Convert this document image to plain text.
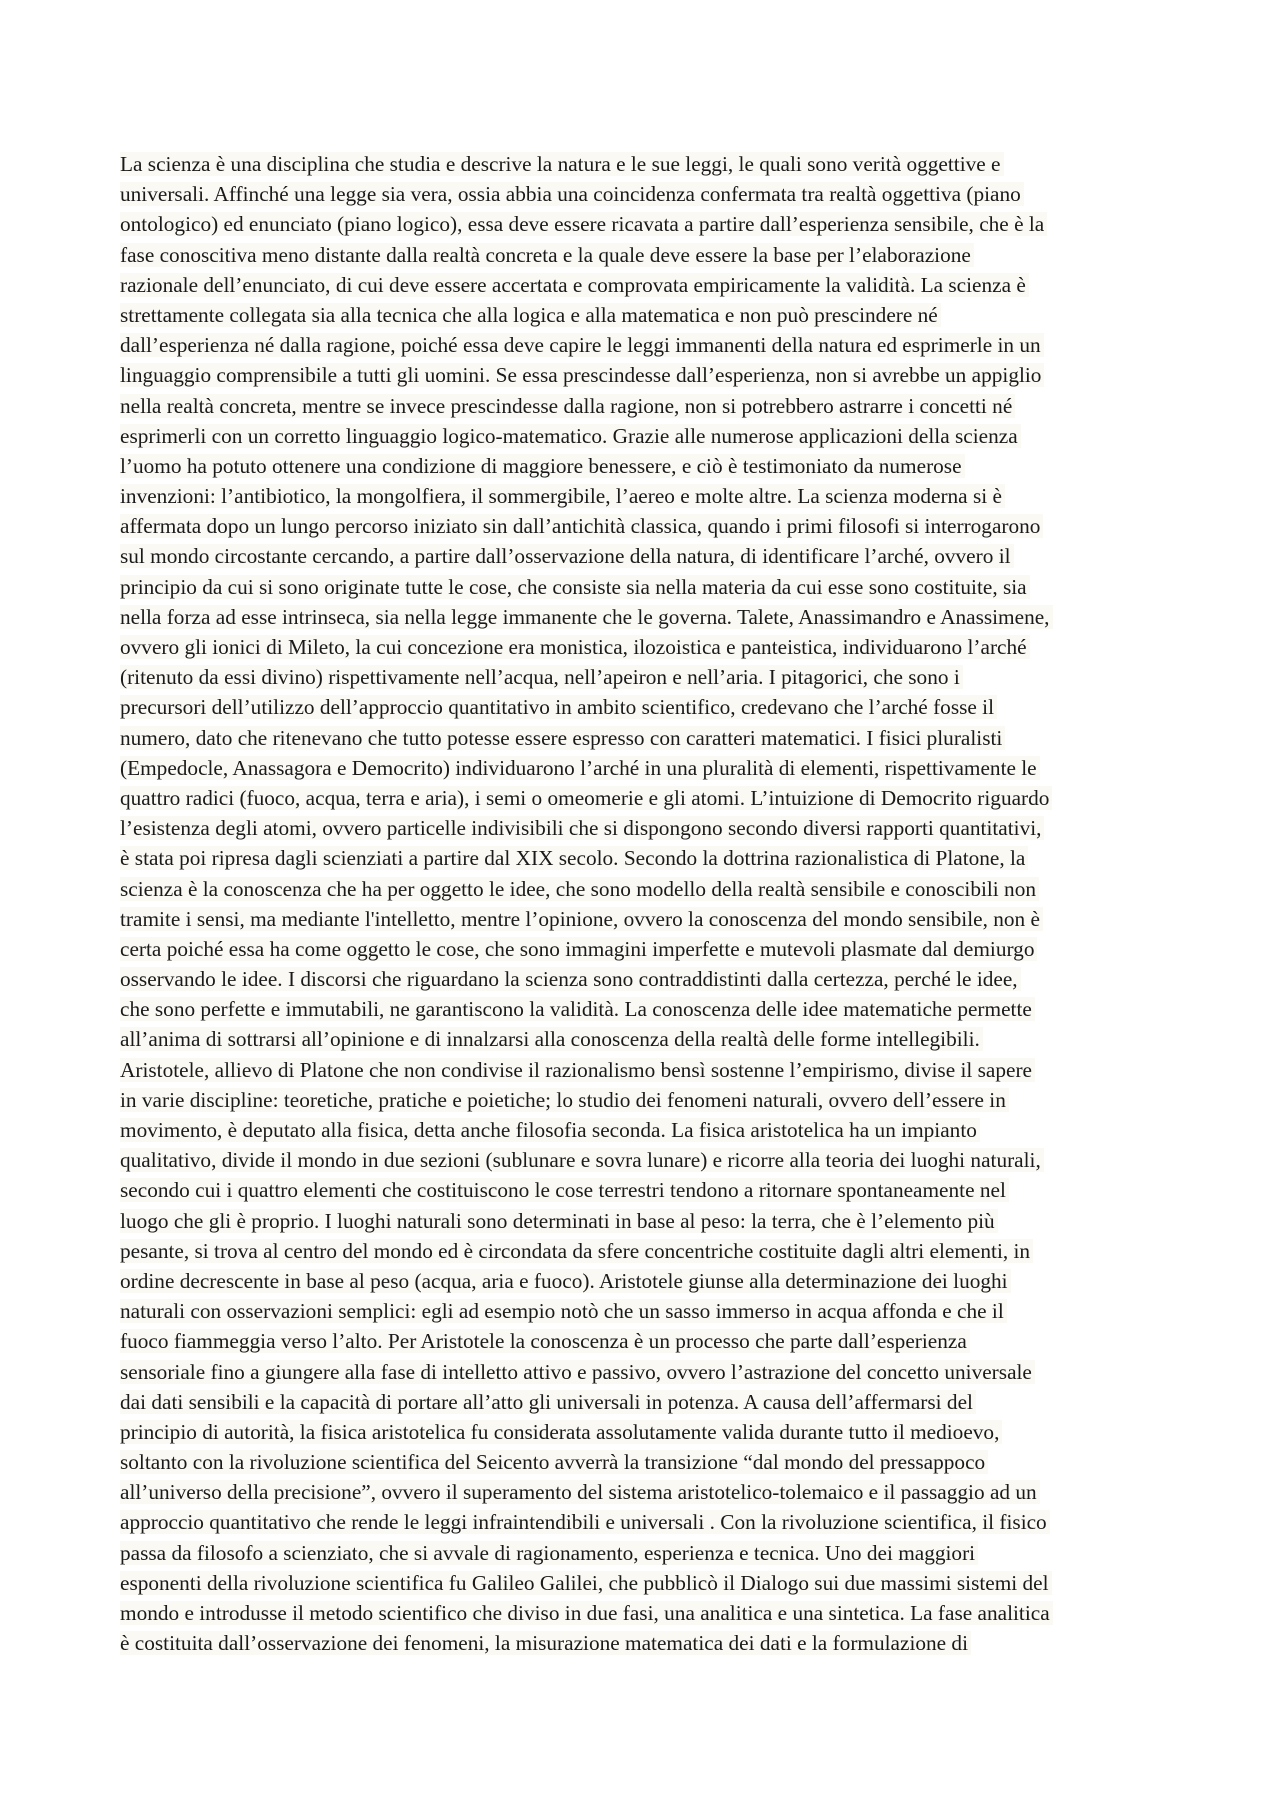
La scienza è una disciplina che studia e descrive la natura e le sue leggi, le quali sono verità oggettive e
universali. Affinché una legge sia vera, ossia abbia una coincidenza confermata tra realtà oggettiva (piano
ontologico) ed enunciato (piano logico), essa deve essere ricavata a partire dall’esperienza sensibile, che è la
fase conoscitiva meno distante dalla realtà concreta e la quale deve essere la base per l’elaborazione
razionale dell’enunciato, di cui deve essere accertata e comprovata empiricamente la validità. La scienza è
strettamente collegata sia alla tecnica che alla logica e alla matematica e non può prescindere né
dall’esperienza né dalla ragione, poiché essa deve capire le leggi immanenti della natura ed esprimerle in un
linguaggio comprensibile a tutti gli uomini. Se essa prescindesse dall’esperienza, non si avrebbe un appiglio
nella realtà concreta, mentre se invece prescindesse dalla ragione, non si potrebbero astrarre i concetti né
esprimerli con un corretto linguaggio logico-matematico. Grazie alle numerose applicazioni della scienza
l’uomo ha potuto ottenere una condizione di maggiore benessere, e ciò è testimoniato da numerose
invenzioni: l’antibiotico, la mongolfiera, il sommergibile, l’aereo e molte altre. La scienza moderna si è
affermata dopo un lungo percorso iniziato sin dall’antichità classica, quando i primi filosofi si interrogarono
sul mondo circostante cercando, a partire dall’osservazione della natura, di identificare l’arché, ovvero il
principio da cui si sono originate tutte le cose, che consiste sia nella materia da cui esse sono costituite, sia
nella forza ad esse intrinseca, sia nella legge immanente che le governa. Talete, Anassimandro e Anassimene,
ovvero gli ionici di Mileto, la cui concezione era monistica, ilozoistica e panteistica, individuarono l’arché
(ritenuto da essi divino) rispettivamente nell’acqua, nell’apeiron e nell’aria. I pitagorici, che sono i
precursori dell’utilizzo dell’approccio quantitativo in ambito scientifico, credevano che l’arché fosse il
numero, dato che ritenevano che tutto potesse essere espresso con caratteri matematici. I fisici pluralisti
(Empedocle, Anassagora e Democrito) individuarono l’arché in una pluralità di elementi, rispettivamente le
quattro radici (fuoco, acqua, terra e aria), i semi o omeomerie e gli atomi. L’intuizione di Democrito riguardo
l’esistenza degli atomi, ovvero particelle indivisibili che si dispongono secondo diversi rapporti quantitativi,
è stata poi ripresa dagli scienziati a partire dal XIX secolo. Secondo la dottrina razionalistica di Platone, la
scienza è la conoscenza che ha per oggetto le idee, che sono modello della realtà sensibile e conoscibili non
tramite i sensi, ma mediante l'intelletto, mentre l’opinione, ovvero la conoscenza del mondo sensibile, non è
certa poiché essa ha come oggetto le cose, che sono immagini imperfette e mutevoli plasmate dal demiurgo
osservando le idee. I discorsi che riguardano la scienza sono contraddistinti dalla certezza, perché le idee,
che sono perfette e immutabili, ne garantiscono la validità. La conoscenza delle idee matematiche permette
all’anima di sottrarsi all’opinione e di innalzarsi alla conoscenza della realtà delle forme intellegibili.
Aristotele, allievo di Platone che non condivise il razionalismo bensì sostenne l’empirismo, divise il sapere
in varie discipline: teoretiche, pratiche e poietiche; lo studio dei fenomeni naturali, ovvero dell’essere in
movimento, è deputato alla fisica, detta anche filosofia seconda. La fisica aristotelica ha un impianto
qualitativo, divide il mondo in due sezioni (sublunare e sovra lunare) e ricorre alla teoria dei luoghi naturali,
secondo cui i quattro elementi che costituiscono le cose terrestri tendono a ritornare spontaneamente nel
luogo che gli è proprio. I luoghi naturali sono determinati in base al peso: la terra, che è l’elemento più
pesante, si trova al centro del mondo ed è circondata da sfere concentriche costituite dagli altri elementi, in
ordine decrescente in base al peso (acqua, aria e fuoco). Aristotele giunse alla determinazione dei luoghi
naturali con osservazioni semplici: egli ad esempio notò che un sasso immerso in acqua affonda e che il
fuoco fiammeggia verso l’alto. Per Aristotele la conoscenza è un processo che parte dall’esperienza
sensoriale fino a giungere alla fase di intelletto attivo e passivo, ovvero l’astrazione del concetto universale
dai dati sensibili e la capacità di portare all’atto gli universali in potenza. A causa dell’affermarsi del
principio di autorità, la fisica aristotelica fu considerata assolutamente valida durante tutto il medioevo,
soltanto con la rivoluzione scientifica del Seicento avverrà la transizione “dal mondo del pressappoco
all’universo della precisione”, ovvero il superamento del sistema aristotelico-tolemaico e il passaggio ad un
approccio quantitativo che rende le leggi infraintendibili e universali . Con la rivoluzione scientifica, il fisico
passa da filosofo a scienziato, che si avvale di ragionamento, esperienza e tecnica. Uno dei maggiori
esponenti della rivoluzione scientifica fu Galileo Galilei, che pubblicò il Dialogo sui due massimi sistemi del
mondo e introdusse il metodo scientifico che diviso in due fasi, una analitica e una sintetica. La fase analitica
è costituita dall’osservazione dei fenomeni, la misurazione matematica dei dati e la formulazione di
